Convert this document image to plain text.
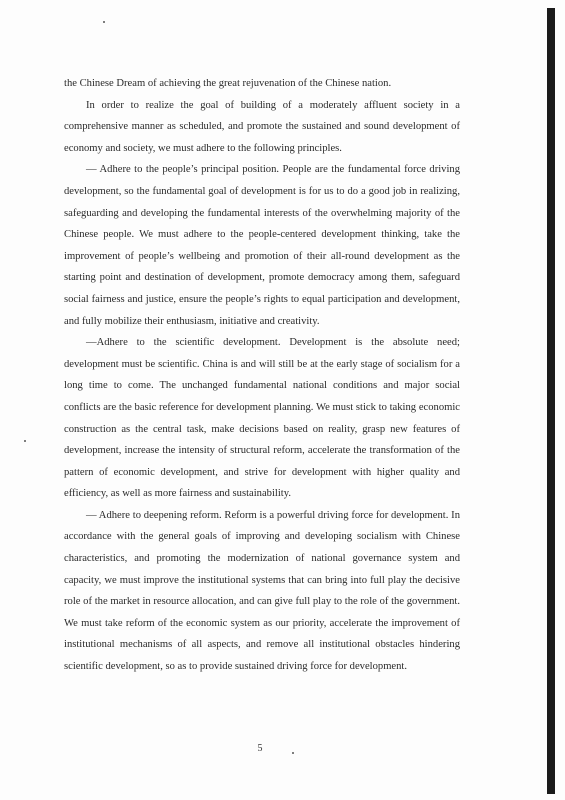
the Chinese Dream of achieving the great rejuvenation of the Chinese nation.

In order to realize the goal of building of a moderately affluent society in a comprehensive manner as scheduled, and promote the sustained and sound development of economy and society, we must adhere to the following principles.

— Adhere to the people’s principal position. People are the fundamental force driving development, so the fundamental goal of development is for us to do a good job in realizing, safeguarding and developing the fundamental interests of the overwhelming majority of the Chinese people. We must adhere to the people-centered development thinking, take the improvement of people’s wellbeing and promotion of their all-round development as the starting point and destination of development, promote democracy among them, safeguard social fairness and justice, ensure the people’s rights to equal participation and development, and fully mobilize their enthusiasm, initiative and creativity.

—Adhere to the scientific development. Development is the absolute need; development must be scientific. China is and will still be at the early stage of socialism for a long time to come. The unchanged fundamental national conditions and major social conflicts are the basic reference for development planning. We must stick to taking economic construction as the central task, make decisions based on reality, grasp new features of development, increase the intensity of structural reform, accelerate the transformation of the pattern of economic development, and strive for development with higher quality and efficiency, as well as more fairness and sustainability.

— Adhere to deepening reform. Reform is a powerful driving force for development. In accordance with the general goals of improving and developing socialism with Chinese characteristics, and promoting the modernization of national governance system and capacity, we must improve the institutional systems that can bring into full play the decisive role of the market in resource allocation, and can give full play to the role of the government. We must take reform of the economic system as our priority, accelerate the improvement of institutional mechanisms of all aspects, and remove all institutional obstacles hindering scientific development, so as to provide sustained driving force for development.

5
